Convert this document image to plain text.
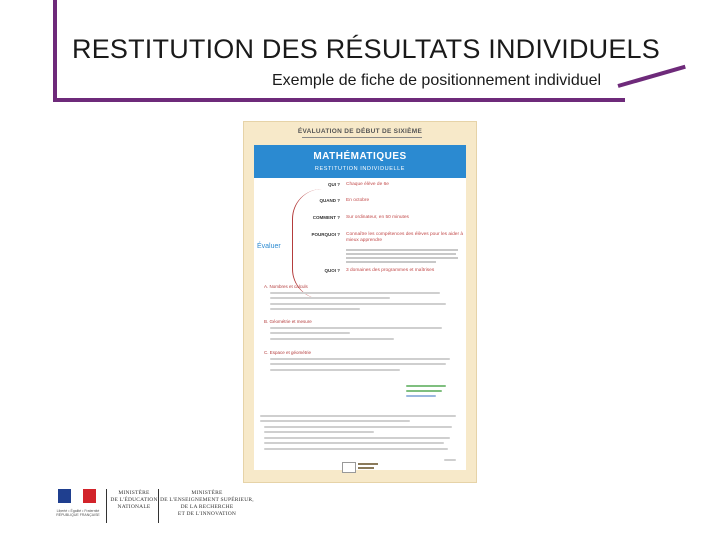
RESTITUTION DES RÉSULTATS INDIVIDUELS

Exemple de fiche de positionnement individuel

ÉVALUATION DE DÉBUT DE SIXIÈME
MATHÉMATIQUES
RESTITUTION INDIVIDUELLE
Évaluer
QUI ? Chaque élève de 6e
QUAND ? En octobre
COMMENT ? Sur ordinateur, en 50 minutes
POURQUOI ? Connaître les compétences des élèves pour les aider à mieux apprendre
QUOI ? 3 domaines des programmes et maîtrises
A. Nombres et calculs
B. Géométrie et mesure
C. Espace et géométrie
Liberté • Égalité • Fraternité
RÉPUBLIQUE FRANÇAISE
MINISTÈRE
DE L'ÉDUCATION
NATIONALE
MINISTÈRE
DE L'ENSEIGNEMENT SUPÉRIEUR,
DE LA RECHERCHE
ET DE L'INNOVATION
